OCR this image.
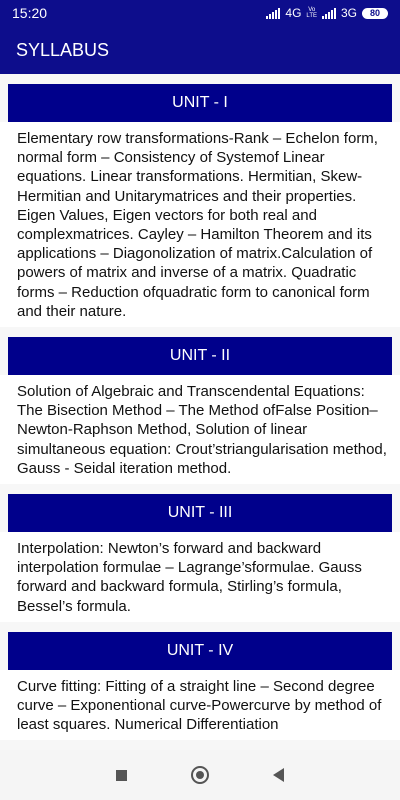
15:20	4G Vo
LTE 3G	80
SYLLABUS
UNIT - I
Elementary row transformations-Rank – Echelon form, normal form – Consistency of Systemof Linear equations. Linear transformations. Hermitian, Skew-Hermitian and Unitarymatrices and their properties. Eigen Values, Eigen vectors for both real and complexmatrices. Cayley – Hamilton Theorem and its applications – Diagonolization of matrix.Calculation of powers of matrix and inverse of a matrix. Quadratic forms – Reduction ofquadratic form to canonical form and their nature.
UNIT - II
Solution of Algebraic and Transcendental Equations: The Bisection Method – The Method ofFalse Position– Newton-Raphson Method, Solution of linear simultaneous equation: Crout’striangularisation method, Gauss - Seidal iteration method.
UNIT - III
Interpolation: Newton’s forward and backward interpolation formulae – Lagrange’sformulae. Gauss forward and backward formula, Stirling’s formula, Bessel’s formula.
UNIT - IV
Curve fitting: Fitting of a straight line – Second degree curve – Exponentional curve-Powercurve by method of least squares. Numerical Differentiation
